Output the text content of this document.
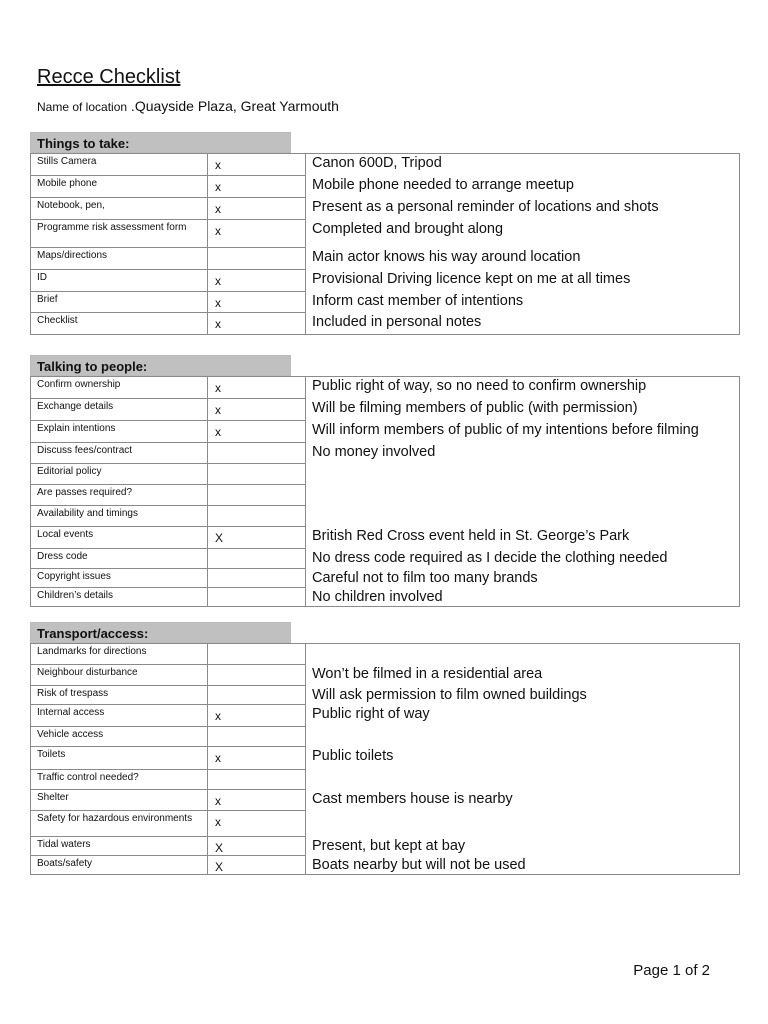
Recce Checklist
Name of location .Quayside Plaza, Great Yarmouth
Things to take:
Stills Camera	x	Canon 600D, Tripod
Mobile phone	x	Mobile phone needed to arrange meetup
Notebook, pen,	x	Present as a personal reminder of locations and shots
Programme risk assessment form	x	Completed and brought along
Maps/directions		Main actor knows his way around location
ID	x	Provisional Driving licence kept on me at all times
Brief	x	Inform cast member of intentions
Checklist	x	Included in personal notes
Talking to people:
Confirm ownership	x	Public right of way, so no need to confirm ownership
Exchange details	x	Will be filming members of public (with permission)
Explain intentions	x	Will inform members of public of my intentions before filming
Discuss fees/contract		No money involved
Editorial policy		
Are passes required?		
Availability and timings		
Local events	X	British Red Cross event held in St. George’s Park
Dress code		No dress code required as I decide the clothing needed
Copyright issues		Careful not to film too many brands
Children’s details		No children involved
Transport/access:
Landmarks for directions		
Neighbour disturbance		Won’t be filmed in a residential area
Risk of trespass		Will ask permission to film owned buildings
Internal access	x	Public right of way
Vehicle access		
Toilets	x	Public toilets
Traffic control needed?		
Shelter	x	Cast members house is nearby
Safety for hazardous environments	x	
Tidal waters	X	Present, but kept at bay
Boats/safety	X	Boats nearby but will not be used
Page 1 of 2
